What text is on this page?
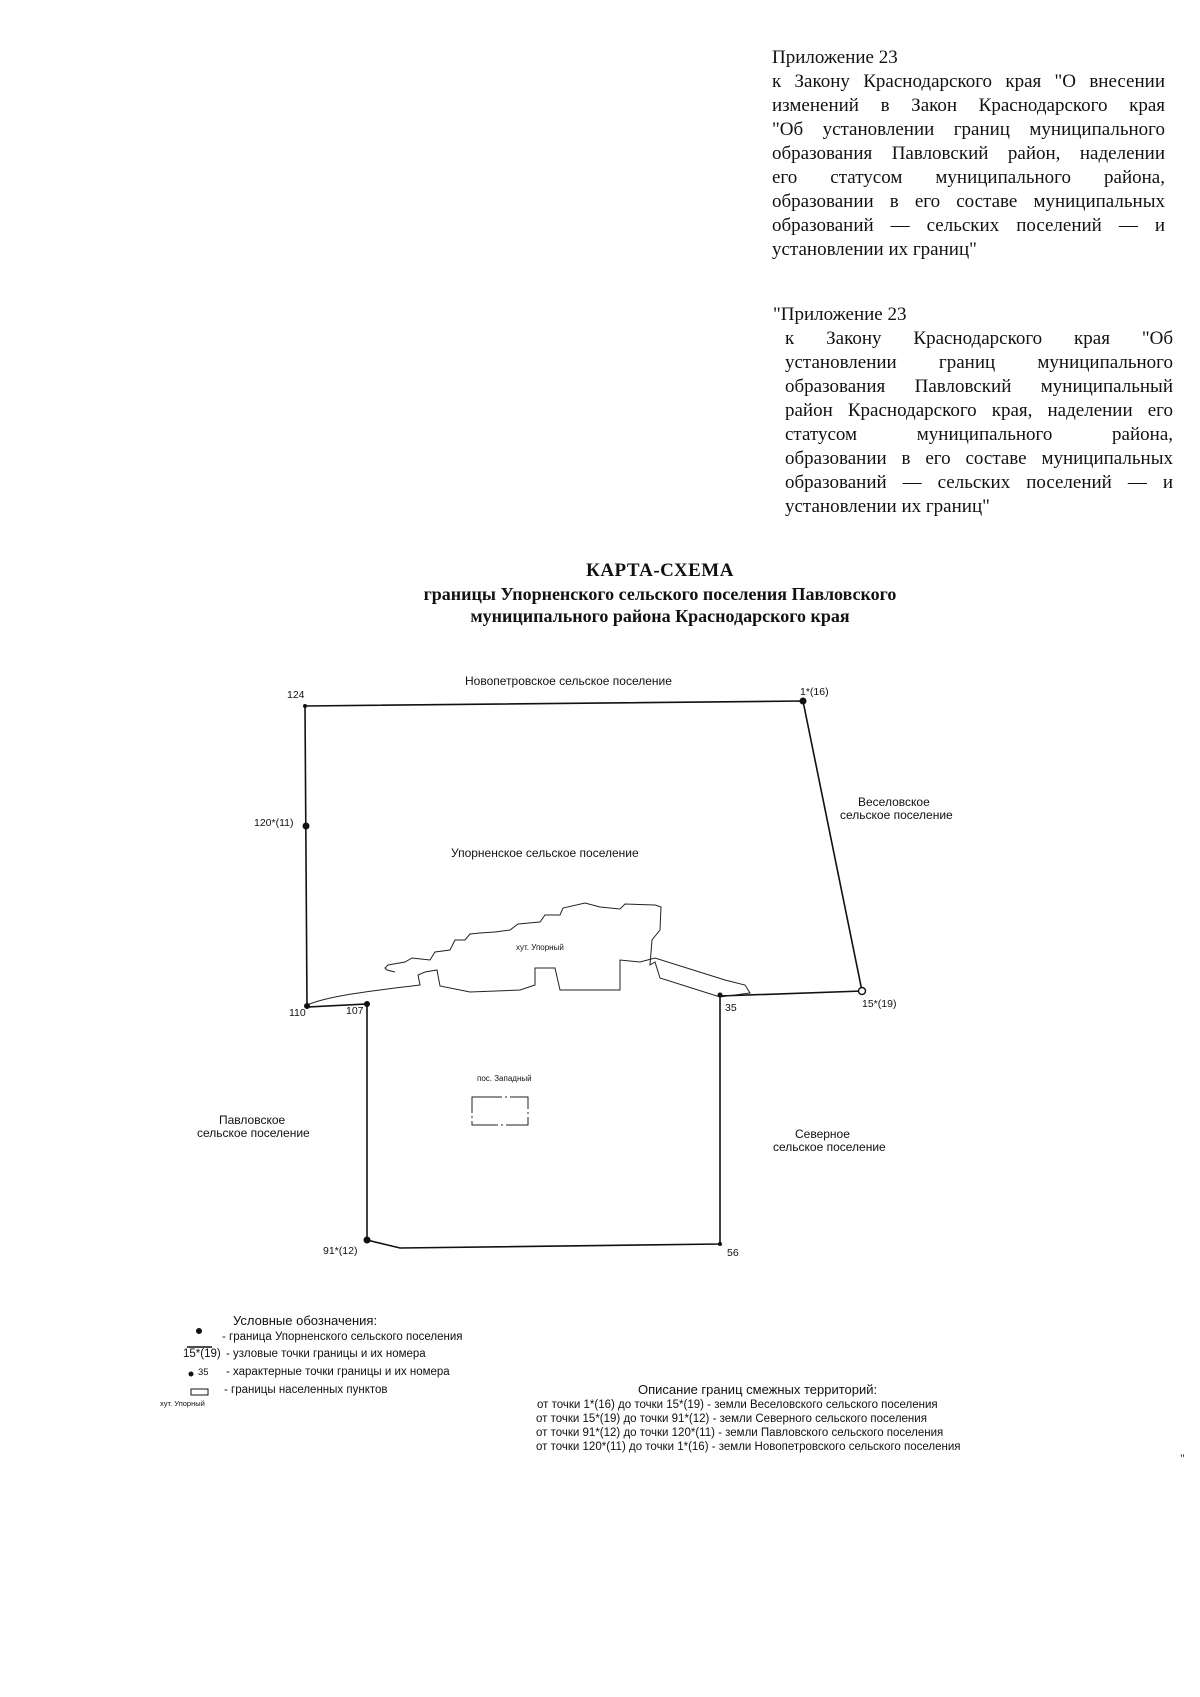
Приложение 23
к Закону Краснодарского края "О внесении
изменений в Закон Краснодарского края
"Об установлении границ муниципального
образования Павловский район, наделении
его статусом муниципального района,
образовании в его составе муниципальных
образований — сельских поселений — и
установлении их границ"
"Приложение 23
к Закону Краснодарского края "Об
установлении границ муниципального
образования Павловский муниципальный
район Краснодарского края, наделении его
статусом муниципального района,
образовании в его составе муниципальных
образований — сельских поселений — и
установлении их границ"
КАРТА-СХЕМА
границы Упорненского сельского поселения Павловского
муниципального района Краснодарского края
124	1*(16)
120*(11)
110	107	35	15*(19)
91*(12)	56
Новопетровское сельское поселение
Веселовское
сельское поселение
Упорненское сельское поселение
Павловское
сельское поселение	Северное
сельское поселение
хут. Упорный
пос. Западный
Условные обозначения:
- граница Упорненского сельского поселения
15*(19) - узловые точки границы и их номера
35 - характерные точки границы и их номера
- границы населенных пунктов
хут. Упорный
Описание границ смежных территорий:
от точки 1*(16) до точки 15*(19) - земли Веселовского сельского поселения
от точки 15*(19) до точки 91*(12) - земли Северного сельского поселения
от точки 91*(12) до точки 120*(11) - земли Павловского сельского поселения
от точки 120*(11) до точки 1*(16) - земли Новопетровского сельского поселения
"
